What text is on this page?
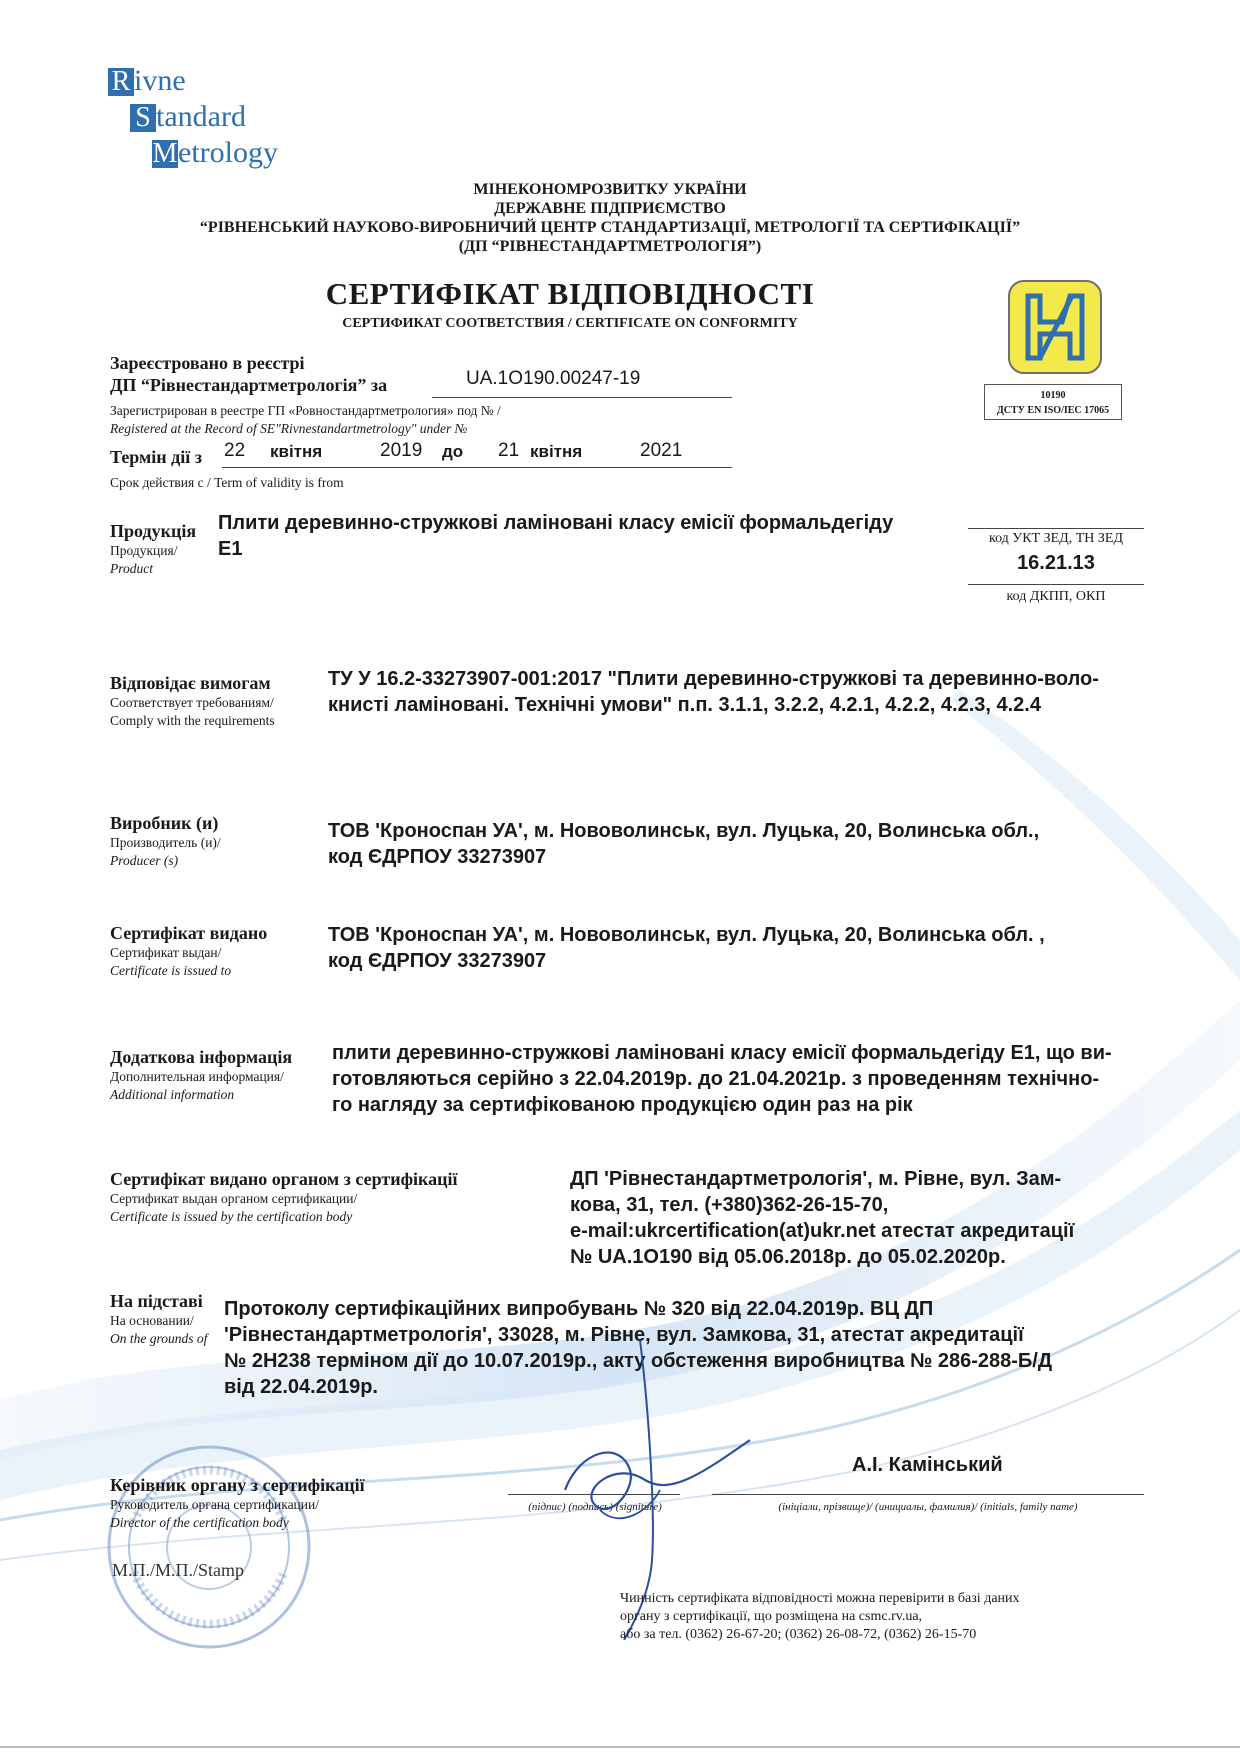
R ivne
S tandard
Metrology
МІНЕКОНОМРОЗВИТКУ УКРАЇНИ
ДЕРЖАВНЕ ПІДПРИЄМСТВО
“РІВНЕНСЬКИЙ НАУКОВО-ВИРОБНИЧИЙ ЦЕНТР СТАНДАРТИЗАЦІЇ, МЕТРОЛОГІЇ ТА СЕРТИФІКАЦІЇ”
(ДП “РІВНЕСТАНДАРТМЕТРОЛОГІЯ”)
СЕРТИФІКАТ ВІДПОВІДНОСТІ
СЕРТИФИКАТ СООТВЕТСТВИЯ / CERTIFICATE ON CONFORMITY
10190
ДСТУ EN ISO/IEC 17065
Зареєстровано в реєстрі
ДП “Рівнестандартметрологія” за	UA.1O190.00247-19
Зарегистрирован в реестре ГП «Ровностандартметрология» под № /
Registered at the Record of SE"Rivnestandartmetrology" under №
Термін дії з 22 квітня	2019 до 21 квітня	2021
Срок действия с / Term of validity is from
Продукція
Продукция/
Product
Плити деревинно-стружкові ламіновані класу емісії формальдегіду
Е1	код УКТ ЗЕД, ТН ЗЕД
16.21.13
код ДКПП, ОКП
Відповідає вимогам
Соответствует требованиям/
Comply with the requirements
ТУ У 16.2-33273907-001:2017 "Плити деревинно-стружкові та деревинно-воло-
книсті ламіновані. Технічні умови" п.п. 3.1.1, 3.2.2, 4.2.1, 4.2.2, 4.2.3, 4.2.4
Виробник (и)
Производитель (и)/
Producer (s)
ТОВ 'Кроноспан УА', м. Нововолинськ, вул. Луцька, 20, Волинська обл.,
код ЄДРПОУ 33273907
Сертифікат видано
Сертификат выдан/
Certificate is issued to
ТОВ 'Кроноспан УА', м. Нововолинськ, вул. Луцька, 20, Волинська обл. ,
код ЄДРПОУ 33273907
Додаткова інформація
Дополнительная информация/
Additional information
плити деревинно-стружкові ламіновані класу емісії формальдегіду Е1, що ви-
готовляються серійно з 22.04.2019р. до 21.04.2021р. з проведенням технічно-
го нагляду за сертифікованою продукцією один раз на рік
Сертифікат видано органом з сертифікації
Сертификат выдан органом сертификации/
Certificate is issued by the certification body
ДП 'Рівнестандартметрологія', м. Рівне, вул. Зам-
кова, 31, тел. (+380)362-26-15-70,
e-mail:ukrcertification(at)ukr.net атестат акредитації
№ UA.1O190 від 05.06.2018р. до 05.02.2020р.
На підставі
На основании/
On the grounds of
Протоколу сертифікаційних випробувань № 320 від 22.04.2019р. ВЦ ДП
'Рівнестандартметрологія', 33028, м. Рівне, вул. Замкова, 31, атестат акредитації
№ 2Н238 терміном дії до 10.07.2019р., акту обстеження виробництва № 286-288-Б/Д
від 22.04.2019р.
Керівник органу з сертифікації
Руководитель органа сертификации/
Director of the certification body
(підпис) (подпись) (signiture)
А.І. Камінський
(ініціали, прізвище)/ (инициалы, фамилия)/ (initials, family name)
М.П./М.П./Stamp
Чинність сертифіката відповідності можна перевірити в базі даних
органу з сертифікації, що розміщена на csmc.rv.ua,
або за тел. (0362) 26-67-20; (0362) 26-08-72, (0362) 26-15-70
